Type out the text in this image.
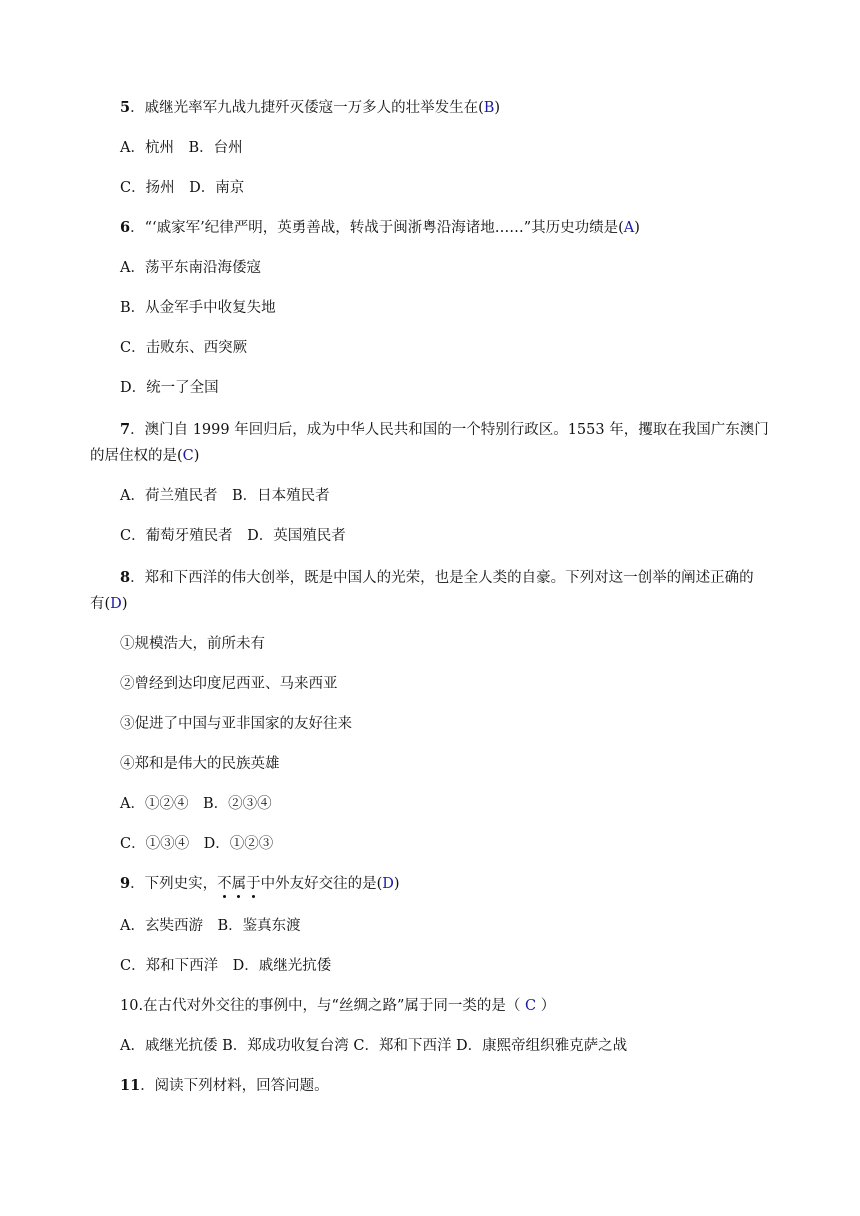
5．戚继光率军九战九捷歼灭倭寇一万多人的壮举发生在(B)
A．杭州　B．台州
C．扬州　D．南京
6．“‘戚家军’纪律严明，英勇善战，转战于闽浙粤沿海诸地……”其历史功绩是(A)
A．荡平东南沿海倭寇
B．从金军手中收复失地
C．击败东、西突厥
D．统一了全国
7．澳门自 1999 年回归后，成为中华人民共和国的一个特别行政区。1553 年，攫取在我国广东澳门
的居住权的是(C)
A．荷兰殖民者　B．日本殖民者
C．葡萄牙殖民者　D．英国殖民者
8．郑和下西洋的伟大创举，既是中国人的光荣，也是全人类的自豪。下列对这一创举的阐述正确的
有(D)
①规模浩大，前所未有
②曾经到达印度尼西亚、马来西亚
③促进了中国与亚非国家的友好往来
④郑和是伟大的民族英雄
A．①②④　B．②③④
C．①③④　D．①②③
9．下列史实，不属于中外友好交往的是(D)
A．玄奘西游　B．鉴真东渡
C．郑和下西洋　D．戚继光抗倭
10.在古代对外交往的事例中，与“丝绸之路”属于同一类的是（ C ）
A．戚继光抗倭 B．郑成功收复台湾 C．郑和下西洋 D．康熙帝组织雅克萨之战
11．阅读下列材料，回答问题。
